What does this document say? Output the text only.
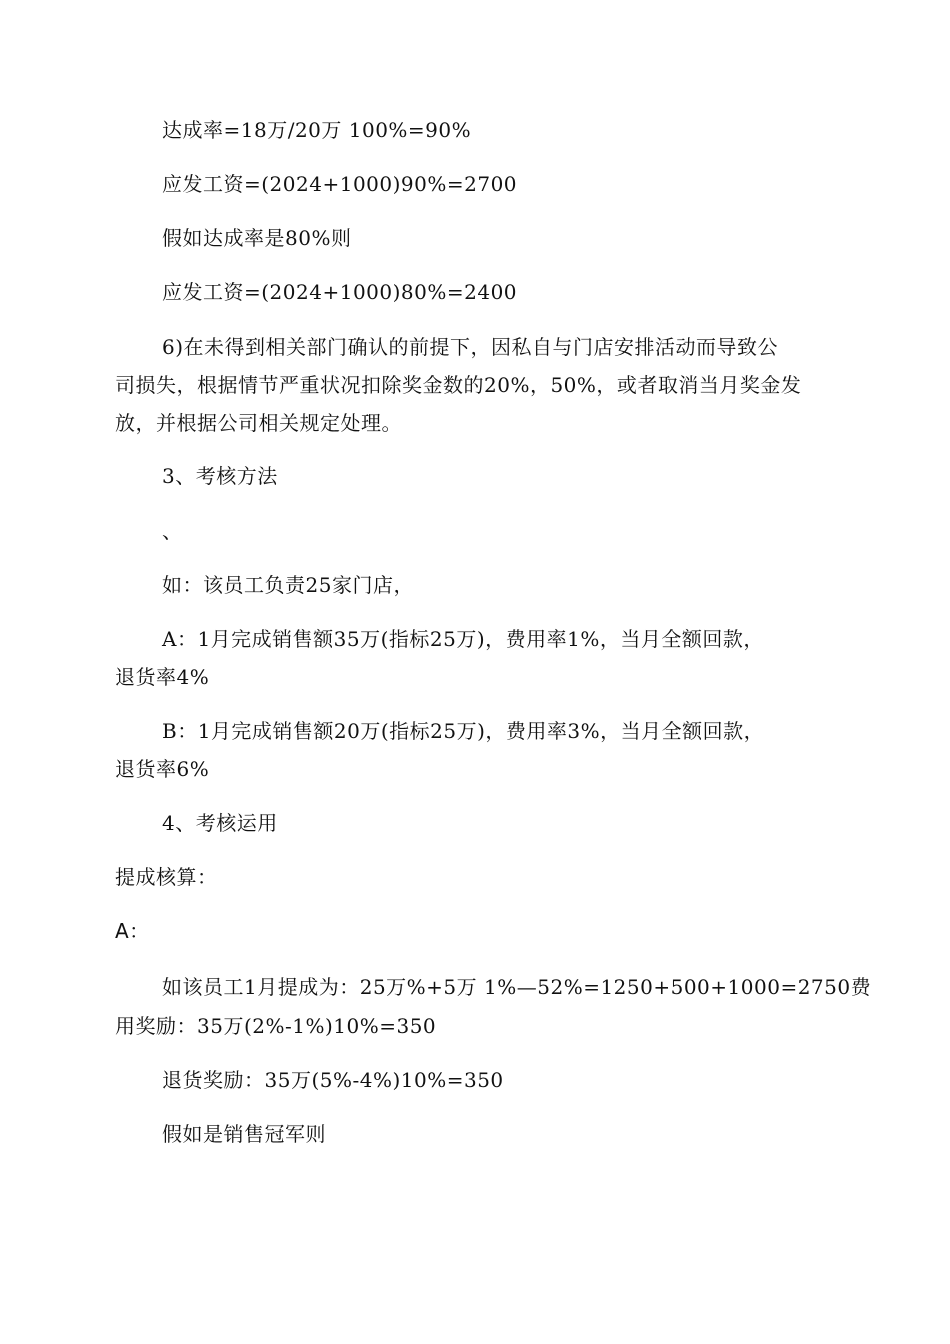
达成率=18万/20万 100%=90%
应发工资=(2024+1000)90%=2700
假如达成率是80%则
应发工资=(2024+1000)80%=2400
6)在未得到相关部门确认的前提下，因私自与门店安排活动而导致公
司损失，根据情节严重状况扣除奖金数的20%，50%，或者取消当月奖金发
放，并根据公司相关规定处理。
3、考核方法
、
如：该员工负责25家门店，
A：1月完成销售额35万(指标25万)，费用率1%，当月全额回款，
退货率4%
B：1月完成销售额20万(指标25万)，费用率3%，当月全额回款，
退货率6%
4、考核运用
提成核算：
A：
如该员工1月提成为：25万%+5万 1%—52%=1250+500+1000=2750费
用奖励：35万(2%-1%)10%=350
退货奖励：35万(5%-4%)10%=350
假如是销售冠军则
